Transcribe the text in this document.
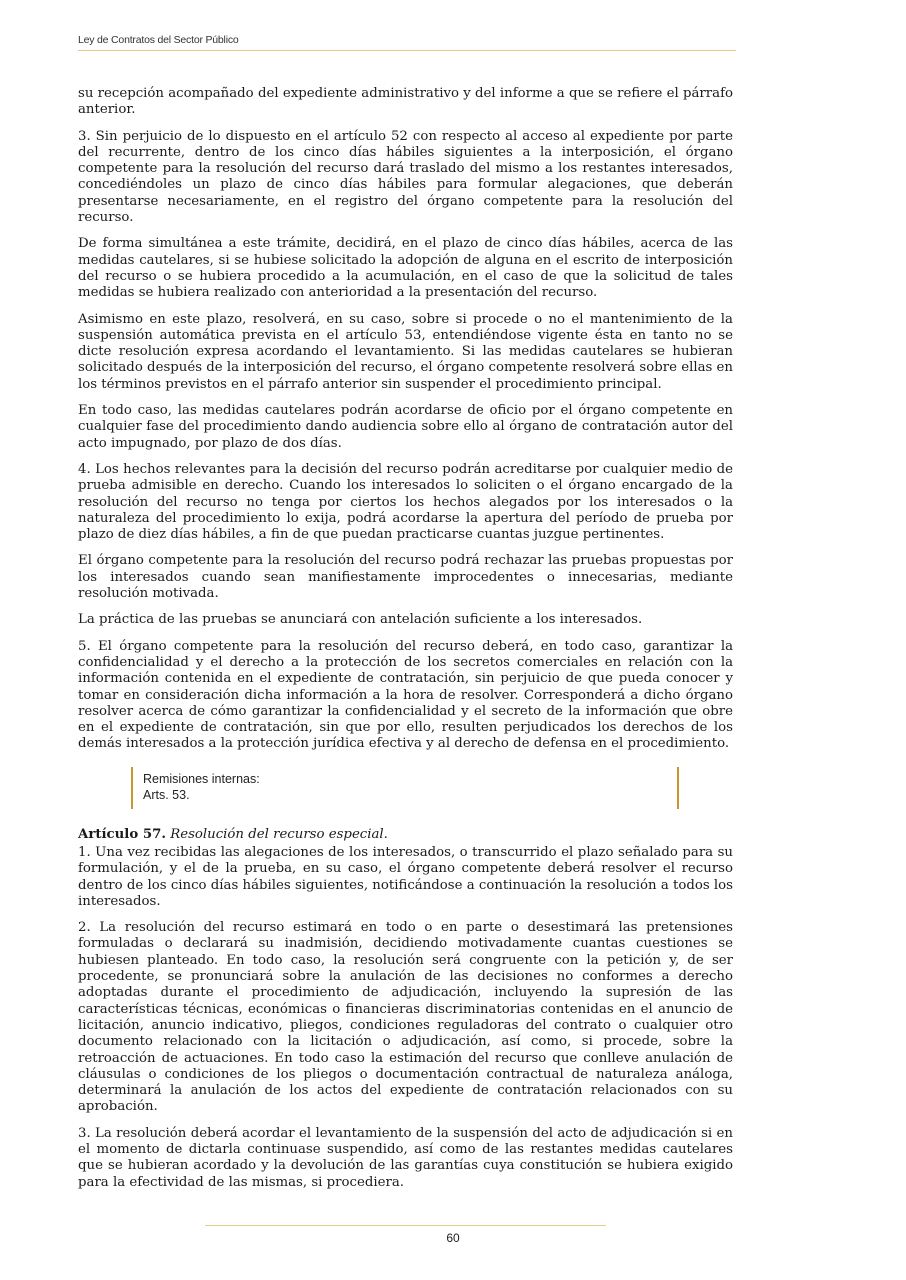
Ley de Contratos del Sector Público

su recepción acompañado del expediente administrativo y del informe a que se refiere el párrafo anterior.

3. Sin perjuicio de lo dispuesto en el artículo 52 con respecto al acceso al expediente por parte del recurrente, dentro de los cinco días hábiles siguientes a la interposición, el órgano competente para la resolución del recurso dará traslado del mismo a los restantes interesados, concediéndoles un plazo de cinco días hábiles para formular alegaciones, que deberán presentarse necesariamente, en el registro del órgano competente para la resolución del recurso.

De forma simultánea a este trámite, decidirá, en el plazo de cinco días hábiles, acerca de las medidas cautelares, si se hubiese solicitado la adopción de alguna en el escrito de interposición del recurso o se hubiera procedido a la acumulación, en el caso de que la solicitud de tales medidas se hubiera realizado con anterioridad a la presentación del recurso.

Asimismo en este plazo, resolverá, en su caso, sobre si procede o no el mantenimiento de la suspensión automática prevista en el artículo 53, entendiéndose vigente ésta en tanto no se dicte resolución expresa acordando el levantamiento. Si las medidas cautelares se hubieran solicitado después de la interposición del recurso, el órgano competente resolverá sobre ellas en los términos previstos en el párrafo anterior sin suspender el procedimiento principal.

En todo caso, las medidas cautelares podrán acordarse de oficio por el órgano competente en cualquier fase del procedimiento dando audiencia sobre ello al órgano de contratación autor del acto impugnado, por plazo de dos días.

4. Los hechos relevantes para la decisión del recurso podrán acreditarse por cualquier medio de prueba admisible en derecho. Cuando los interesados lo soliciten o el órgano encargado de la resolución del recurso no tenga por ciertos los hechos alegados por los interesados o la naturaleza del procedimiento lo exija, podrá acordarse la apertura del período de prueba por plazo de diez días hábiles, a fin de que puedan practicarse cuantas juzgue pertinentes.

El órgano competente para la resolución del recurso podrá rechazar las pruebas propuestas por los interesados cuando sean manifiestamente improcedentes o innecesarias, mediante resolución motivada.

La práctica de las pruebas se anunciará con antelación suficiente a los interesados.

5. El órgano competente para la resolución del recurso deberá, en todo caso, garantizar la confidencialidad y el derecho a la protección de los secretos comerciales en relación con la información contenida en el expediente de contratación, sin perjuicio de que pueda conocer y tomar en consideración dicha información a la hora de resolver. Corresponderá a dicho órgano resolver acerca de cómo garantizar la confidencialidad y el secreto de la información que obre en el expediente de contratación, sin que por ello, resulten perjudicados los derechos de los demás interesados a la protección jurídica efectiva y al derecho de defensa en el procedimiento.

Remisiones internas:
Arts. 53.
Artículo 57. Resolución del recurso especial.

1. Una vez recibidas las alegaciones de los interesados, o transcurrido el plazo señalado para su formulación, y el de la prueba, en su caso, el órgano competente deberá resolver el recurso dentro de los cinco días hábiles siguientes, notificándose a continuación la resolución a todos los interesados.

2. La resolución del recurso estimará en todo o en parte o desestimará las pretensiones formuladas o declarará su inadmisión, decidiendo motivadamente cuantas cuestiones se hubiesen planteado. En todo caso, la resolución será congruente con la petición y, de ser procedente, se pronunciará sobre la anulación de las decisiones no conformes a derecho adoptadas durante el procedimiento de adjudicación, incluyendo la supresión de las características técnicas, económicas o financieras discriminatorias contenidas en el anuncio de licitación, anuncio indicativo, pliegos, condiciones reguladoras del contrato o cualquier otro documento relacionado con la licitación o adjudicación, así como, si procede, sobre la retroacción de actuaciones. En todo caso la estimación del recurso que conlleve anulación de cláusulas o condiciones de los pliegos o documentación contractual de naturaleza análoga, determinará la anulación de los actos del expediente de contratación relacionados con su aprobación.

3. La resolución deberá acordar el levantamiento de la suspensión del acto de adjudicación si en el momento de dictarla continuase suspendido, así como de las restantes medidas cautelares que se hubieran acordado y la devolución de las garantías cuya constitución se hubiera exigido para la efectividad de las mismas, si procediera.

60
